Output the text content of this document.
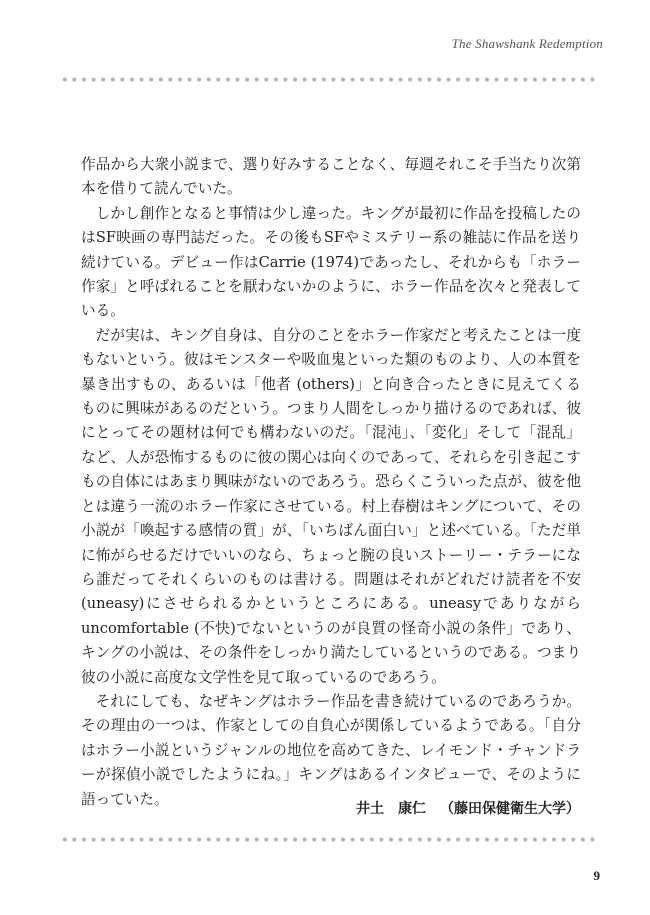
The Shawshank Redemption

作品から大衆小説まで、選り好みすることなく、毎週それこそ手当たり次第本を借りて読んでいた。

しかし創作となると事情は少し違った。キングが最初に作品を投稿したのはSF映画の専門誌だった。その後もSFやミステリー系の雑誌に作品を送り続けている。デビュー作はCarrie (1974)であったし、それからも「ホラー作家」と呼ばれることを厭わないかのように、ホラー作品を次々と発表している。

だが実は、キング自身は、自分のことをホラー作家だと考えたことは一度もないという。彼はモンスターや吸血鬼といった類のものより、人の本質を暴き出すもの、あるいは「他者 (others)」と向き合ったときに見えてくるものに興味があるのだという。つまり人間をしっかり描けるのであれば、彼にとってその題材は何でも構わないのだ。「混沌」、「変化」そして「混乱」など、人が恐怖するものに彼の関心は向くのであって、それらを引き起こすもの自体にはあまり興味がないのであろう。恐らくこういった点が、彼を他とは違う一流のホラー作家にさせている。村上春樹はキングについて、その小説が「喚起する感情の質」が、「いちばん面白い」と述べている。「ただ単に怖がらせるだけでいいのなら、ちょっと腕の良いストーリー・テラーになら誰だってそれくらいのものは書ける。問題はそれがどれだけ読者を不安 (uneasy)にさせられるかというところにある。uneasyでありながらuncomfortable (不快)でないというのが良質の怪奇小説の条件」であり、キングの小説は、その条件をしっかり満たしているというのである。つまり彼の小説に高度な文学性を見て取っているのであろう。

それにしても、なぜキングはホラー作品を書き続けているのであろうか。その理由の一つは、作家としての自負心が関係しているようである。「自分はホラー小説というジャンルの地位を高めてきた、レイモンド・チャンドラーが探偵小説でしたようにね。」キングはあるインタビューで、そのように語っていた。

井土　康仁 （藤田保健衛生大学）
9
